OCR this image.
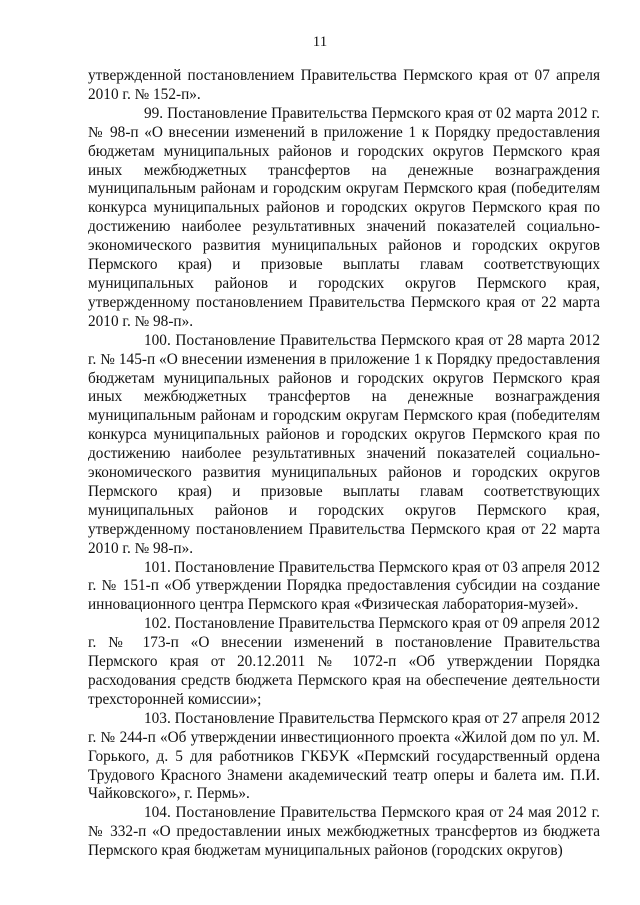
11

утвержденной постановлением Правительства Пермского края от 07 апреля 2010 г. № 152-п».

99. Постановление Правительства Пермского края от 02 марта 2012 г. № 98-п «О внесении изменений в приложение 1 к Порядку предоставления бюджетам муниципальных районов и городских округов Пермского края иных межбюджетных трансфертов на денежные вознаграждения муниципальным районам и городским округам Пермского края (победителям конкурса муниципальных районов и городских округов Пермского края по достижению наиболее результативных значений показателей социально-экономического развития муниципальных районов и городских округов Пермского края) и призовые выплаты главам соответствующих муниципальных районов и городских округов Пермского края, утвержденному постановлением Правительства Пермского края от 22 марта 2010 г. № 98-п».

100. Постановление Правительства Пермского края от 28 марта 2012 г. № 145-п «О внесении изменения в приложение 1 к Порядку предоставления бюджетам муниципальных районов и городских округов Пермского края иных межбюджетных трансфертов на денежные вознаграждения муниципальным районам и городским округам Пермского края (победителям конкурса муниципальных районов и городских округов Пермского края по достижению наиболее результативных значений показателей социально-экономического развития муниципальных районов и городских округов Пермского края) и призовые выплаты главам соответствующих муниципальных районов и городских округов Пермского края, утвержденному постановлением Правительства Пермского края от 22 марта 2010 г. № 98-п».

101. Постановление Правительства Пермского края от 03 апреля 2012 г. № 151-п «Об утверждении Порядка предоставления субсидии на создание инновационного центра Пермского края «Физическая лаборатория-музей».

102. Постановление Правительства Пермского края от 09 апреля 2012 г. № 173-п «О внесении изменений в постановление Правительства Пермского края от 20.12.2011 № 1072-п «Об утверждении Порядка расходования средств бюджета Пермского края на обеспечение деятельности трехсторонней комиссии»;

103. Постановление Правительства Пермского края от 27 апреля 2012 г. № 244-п «Об утверждении инвестиционного проекта «Жилой дом по ул. М. Горького, д. 5 для работников ГКБУК «Пермский государственный ордена Трудового Красного Знамени академический театр оперы и балета им. П.И. Чайковского», г. Пермь».

104. Постановление Правительства Пермского края от 24 мая 2012 г. № 332-п «О предоставлении иных межбюджетных трансфертов из бюджета Пермского края бюджетам муниципальных районов (городских округов)
